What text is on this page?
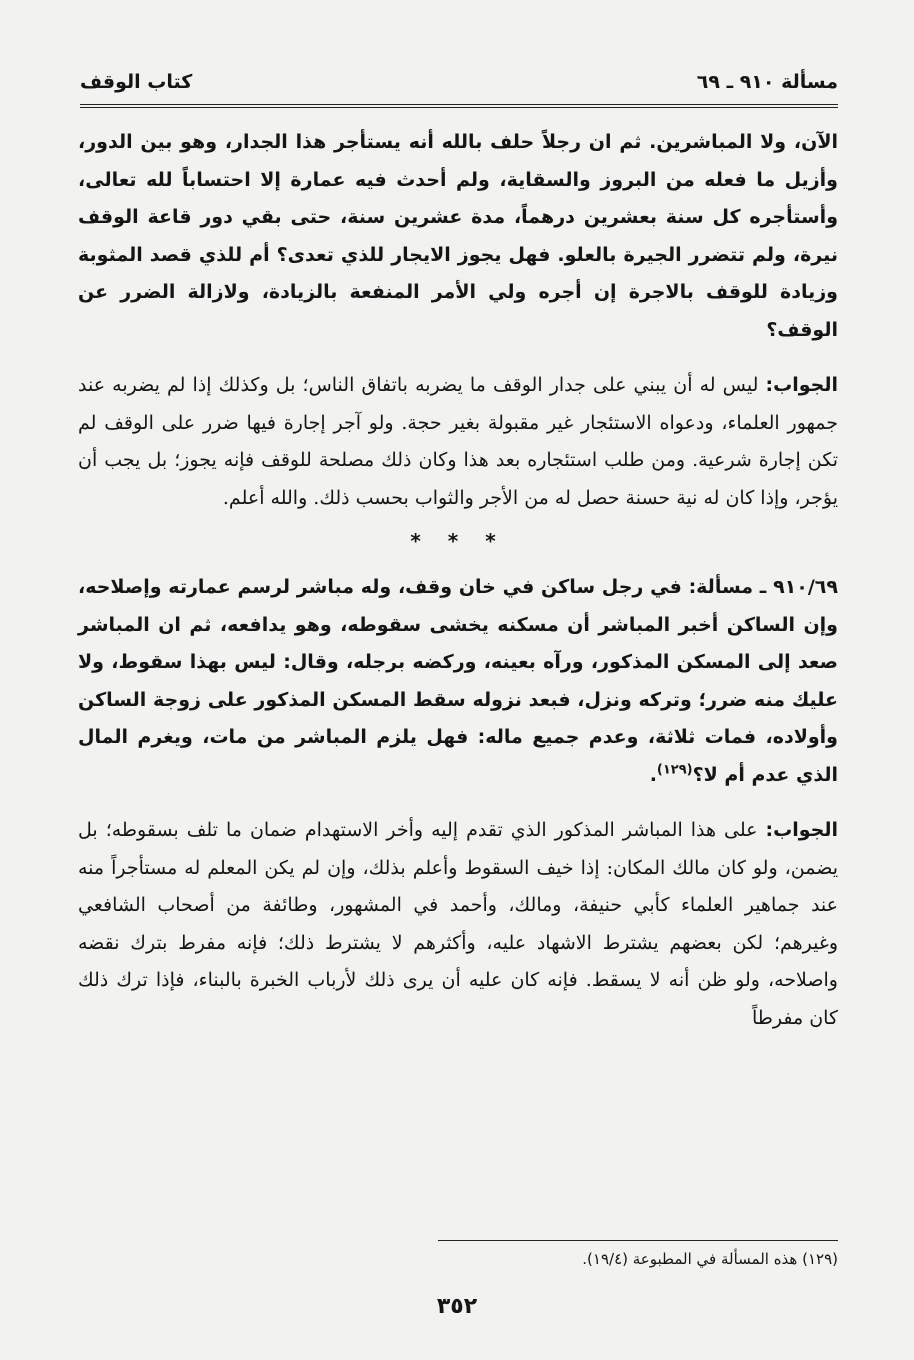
مسألة ٩١٠ ـ ٦٩
كتاب الوقف

الآن، ولا المباشرين. ثم ان رجلاً حلف بالله أنه يستأجر هذا الجدار، وهو بين الدور، وأزيل ما فعله من البروز والسقاية، ولم أحدث فيه عمارة إلا احتساباً لله تعالى، وأستأجره كل سنة بعشرين درهماً، مدة عشرين سنة، حتى بقي دور قاعة الوقف نيرة، ولم تتضرر الجيرة بالعلو. فهل يجوز الايجار للذي تعدى؟ أم للذي قصد المثوبة وزيادة للوقف بالاجرة إن أجره ولي الأمر المنفعة بالزيادة، ولازالة الضرر عن الوقف؟

الجواب: ليس له أن يبني على جدار الوقف ما يضربه باتفاق الناس؛ بل وكذلك إذا لم يضربه عند جمهور العلماء، ودعواه الاستئجار غير مقبولة بغير حجة. ولو آجر إجارة فيها ضرر على الوقف لم تكن إجارة شرعية. ومن طلب استئجاره بعد هذا وكان ذلك مصلحة للوقف فإنه يجوز؛ بل يجب أن يؤجر، وإذا كان له نية حسنة حصل له من الأجر والثواب بحسب ذلك. والله أعلم.

* * *

٩١٠/٦٩ ـ مسألة: في رجل ساكن في خان وقف، وله مباشر لرسم عمارته وإصلاحه، وإن الساكن أخبر المباشر أن مسكنه يخشى سقوطه، وهو يدافعه، ثم ان المباشر صعد إلى المسكن المذكور، ورآه بعينه، وركضه برجله، وقال: ليس بهذا سقوط، ولا عليك منه ضرر؛ وتركه ونزل، فبعد نزوله سقط المسكن المذكور على زوجة الساكن وأولاده، فمات ثلاثة، وعدم جميع ماله: فهل يلزم المباشر من مات، ويغرم المال الذي عدم أم لا؟$^{(١٢٩)}$.

الجواب: على هذا المباشر المذكور الذي تقدم إليه وأخر الاستهدام ضمان ما تلف بسقوطه؛ بل يضمن، ولو كان مالك المكان: إذا خيف السقوط وأعلم بذلك، وإن لم يكن المعلم له مستأجراً منه عند جماهير العلماء كأبي حنيفة، ومالك، وأحمد في المشهور، وطائفة من أصحاب الشافعي وغيرهم؛ لكن بعضهم يشترط الاشهاد عليه، وأكثرهم لا يشترط ذلك؛ فإنه مفرط بترك نقضه واصلاحه، ولو ظن أنه لا يسقط. فإنه كان عليه أن يرى ذلك لأرباب الخبرة بالبناء، فإذا ترك ذلك كان مفرطاً

(١٢٩) هذه المسألة في المطبوعة (١٩/٤).
٣٥٢
